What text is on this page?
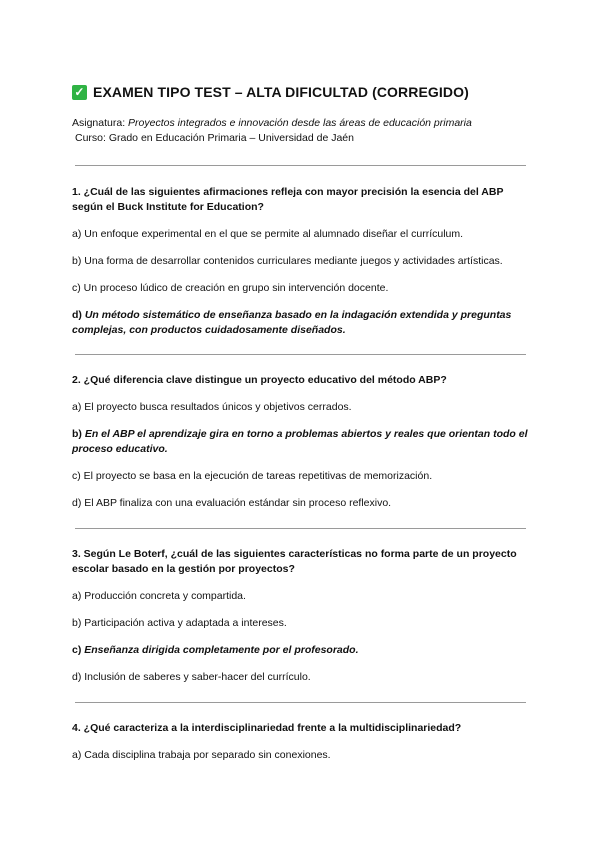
✓ EXAMEN TIPO TEST – ALTA DIFICULTAD (CORREGIDO)
Asignatura: Proyectos integrados e innovación desde las áreas de educación primaria
Curso: Grado en Educación Primaria – Universidad de Jaén

1. ¿Cuál de las siguientes afirmaciones refleja con mayor precisión la esencia del ABP según el Buck Institute for Education?

a) Un enfoque experimental en el que se permite al alumnado diseñar el currículum.

b) Una forma de desarrollar contenidos curriculares mediante juegos y actividades artísticas.

c) Un proceso lúdico de creación en grupo sin intervención docente.

d) Un método sistemático de enseñanza basado en la indagación extendida y preguntas complejas, con productos cuidadosamente diseñados.

2. ¿Qué diferencia clave distingue un proyecto educativo del método ABP?

a) El proyecto busca resultados únicos y objetivos cerrados.

b) En el ABP el aprendizaje gira en torno a problemas abiertos y reales que orientan todo el proceso educativo.

c) El proyecto se basa en la ejecución de tareas repetitivas de memorización.

d) El ABP finaliza con una evaluación estándar sin proceso reflexivo.

3. Según Le Boterf, ¿cuál de las siguientes características no forma parte de un proyecto escolar basado en la gestión por proyectos?

a) Producción concreta y compartida.

b) Participación activa y adaptada a intereses.

c) Enseñanza dirigida completamente por el profesorado.

d) Inclusión de saberes y saber-hacer del currículo.

4. ¿Qué caracteriza a la interdisciplinariedad frente a la multidisciplinariedad?

a) Cada disciplina trabaja por separado sin conexiones.
